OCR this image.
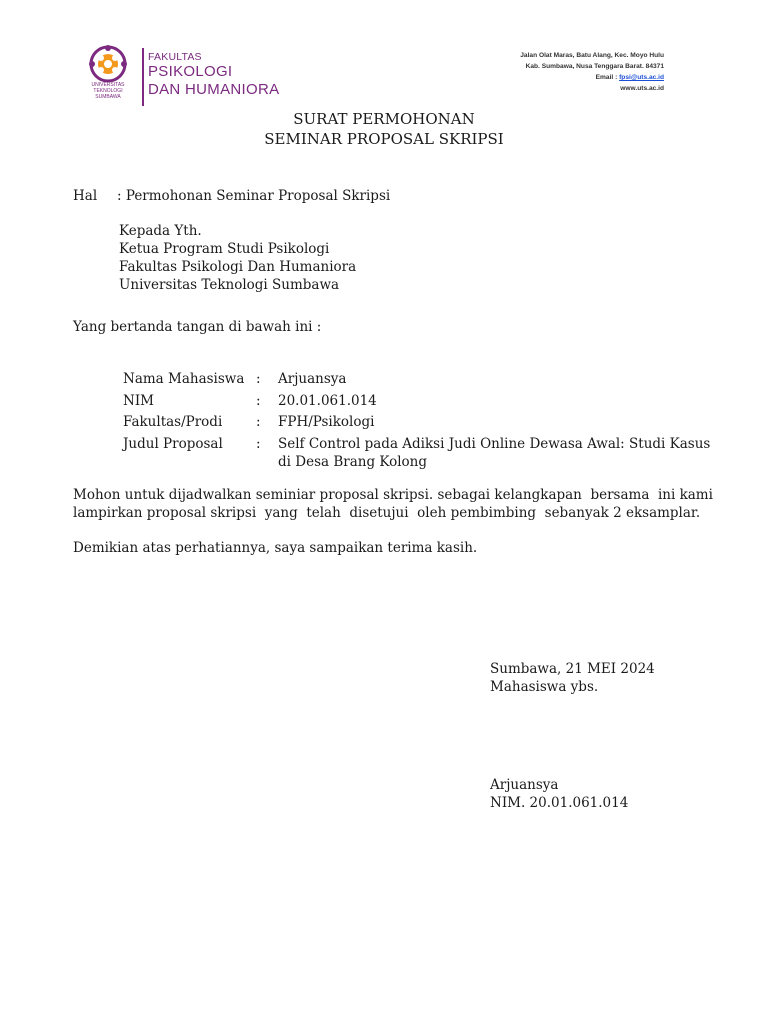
UNIVERSITAS
TEKNOLOGI
SUMBAWA
FAKULTAS
PSIKOLOGI
DAN HUMANIORA
Jalan Olat Maras, Batu Alang, Kec. Moyo Hulu
Kab. Sumbawa, Nusa Tenggara Barat. 84371
Email : fpsi@uts.ac.id
www.uts.ac.id
SURAT PERMOHONAN
SEMINAR PROPOSAL SKRIPSI
Hal : Permohonan Seminar Proposal Skripsi
Kepada Yth.
Ketua Program Studi Psikologi
Fakultas Psikologi Dan Humaniora
Universitas Teknologi Sumbawa
Yang bertanda tangan di bawah ini :
Nama Mahasiswa : Arjuansya
NIM	: 20.01.061.014
Fakultas/Prodi : FPH/Psikologi
Judul Proposal : Self Control pada Adiksi Judi Online Dewasa Awal: Studi Kasus
di Desa Brang Kolong
Mohon untuk dijadwalkan seminiar proposal skripsi. sebagai kelangkapan  bersama  ini kami
lampirkan proposal skripsi  yang  telah  disetujui  oleh pembimbing  sebanyak 2 eksamplar.
Demikian atas perhatiannya, saya sampaikan terima kasih.
Sumbawa, 21 MEI 2024
Mahasiswa ybs.
Arjuansya
NIM. 20.01.061.014
